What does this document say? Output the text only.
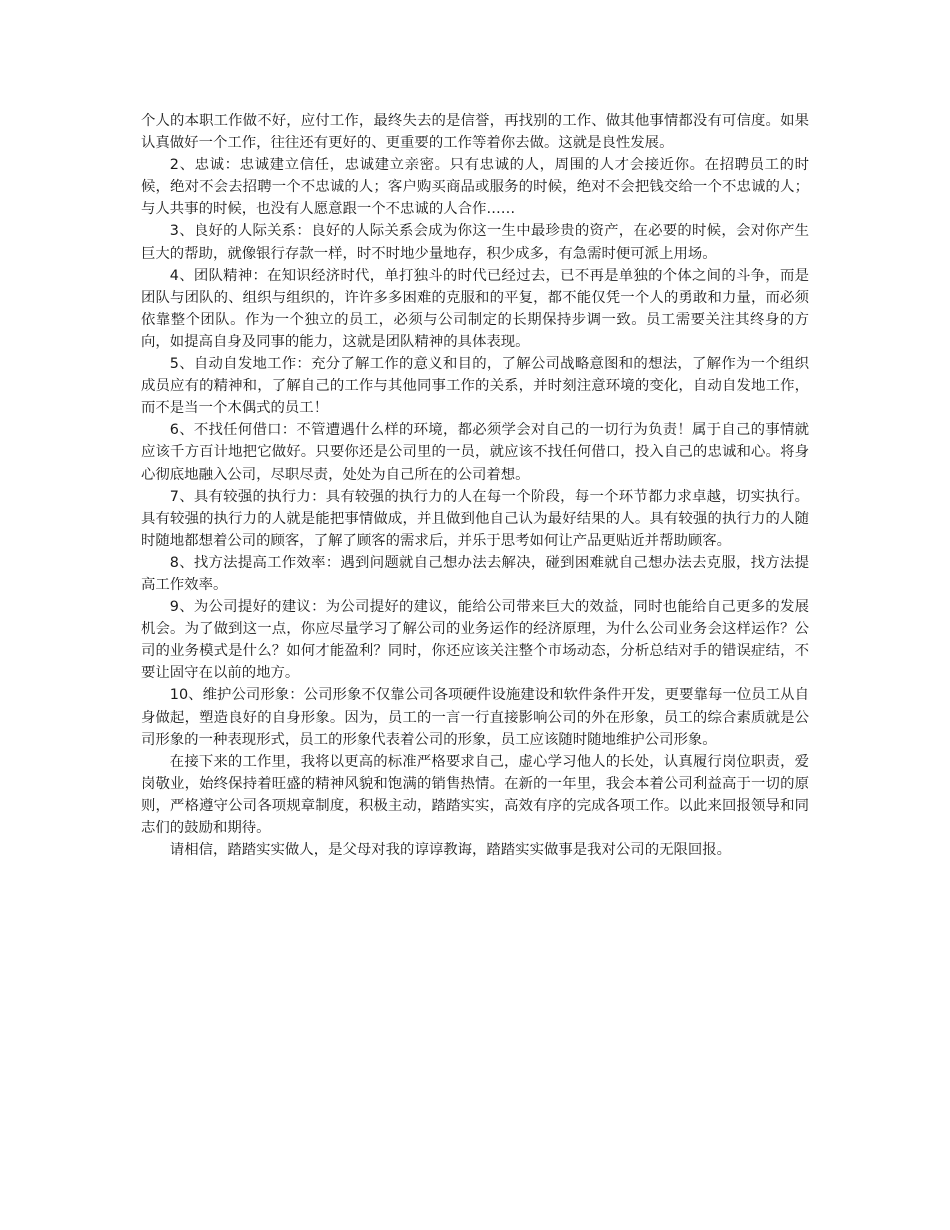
个人的本职工作做不好，应付工作，最终失去的是信誉，再找别的工作、做其他事情都没有可信度。如果认真做好一个工作，往往还有更好的、更重要的工作等着你去做。这就是良性发展。

2、忠诚：忠诚建立信任，忠诚建立亲密。只有忠诚的人，周围的人才会接近你。在招聘员工的时候，绝对不会去招聘一个不忠诚的人；客户购买商品或服务的时候，绝对不会把钱交给一个不忠诚的人；与人共事的时候，也没有人愿意跟一个不忠诚的人合作……

3、良好的人际关系：良好的人际关系会成为你这一生中最珍贵的资产，在必要的时候，会对你产生巨大的帮助，就像银行存款一样，时不时地少量地存，积少成多，有急需时便可派上用场。

4、团队精神：在知识经济时代，单打独斗的时代已经过去，已不再是单独的个体之间的斗争，而是团队与团队的、组织与组织的，许许多多困难的克服和的平复，都不能仅凭一个人的勇敢和力量，而必须依靠整个团队。作为一个独立的员工，必须与公司制定的长期保持步调一致。员工需要关注其终身的方向，如提高自身及同事的能力，这就是团队精神的具体表现。

5、自动自发地工作：充分了解工作的意义和目的，了解公司战略意图和的想法，了解作为一个组织成员应有的精神和，了解自己的工作与其他同事工作的关系，并时刻注意环境的变化，自动自发地工作，而不是当一个木偶式的员工！

6、不找任何借口：不管遭遇什么样的环境，都必须学会对自己的一切行为负责！属于自己的事情就应该千方百计地把它做好。只要你还是公司里的一员，就应该不找任何借口，投入自己的忠诚和心。将身心彻底地融入公司，尽职尽责，处处为自己所在的公司着想。

7、具有较强的执行力：具有较强的执行力的人在每一个阶段，每一个环节都力求卓越，切实执行。具有较强的执行力的人就是能把事情做成，并且做到他自己认为最好结果的人。具有较强的执行力的人随时随地都想着公司的顾客，了解了顾客的需求后，并乐于思考如何让产品更贴近并帮助顾客。

8、找方法提高工作效率：遇到问题就自己想办法去解决，碰到困难就自己想办法去克服，找方法提高工作效率。

9、为公司提好的建议：为公司提好的建议，能给公司带来巨大的效益，同时也能给自己更多的发展机会。为了做到这一点，你应尽量学习了解公司的业务运作的经济原理，为什么公司业务会这样运作？公司的业务模式是什么？如何才能盈利？同时，你还应该关注整个市场动态，分析总结对手的错误症结，不要让固守在以前的地方。

10、维护公司形象：公司形象不仅靠公司各项硬件设施建设和软件条件开发，更要靠每一位员工从自身做起，塑造良好的自身形象。因为，员工的一言一行直接影响公司的外在形象，员工的综合素质就是公司形象的一种表现形式，员工的形象代表着公司的形象，员工应该随时随地维护公司形象。

在接下来的工作里，我将以更高的标准严格要求自己，虚心学习他人的长处，认真履行岗位职责，爱岗敬业，始终保持着旺盛的精神风貌和饱满的销售热情。在新的一年里，我会本着公司利益高于一切的原则，严格遵守公司各项规章制度，积极主动，踏踏实实，高效有序的完成各项工作。以此来回报领导和同志们的鼓励和期待。

请相信，踏踏实实做人，是父母对我的谆谆教诲，踏踏实实做事是我对公司的无限回报。
